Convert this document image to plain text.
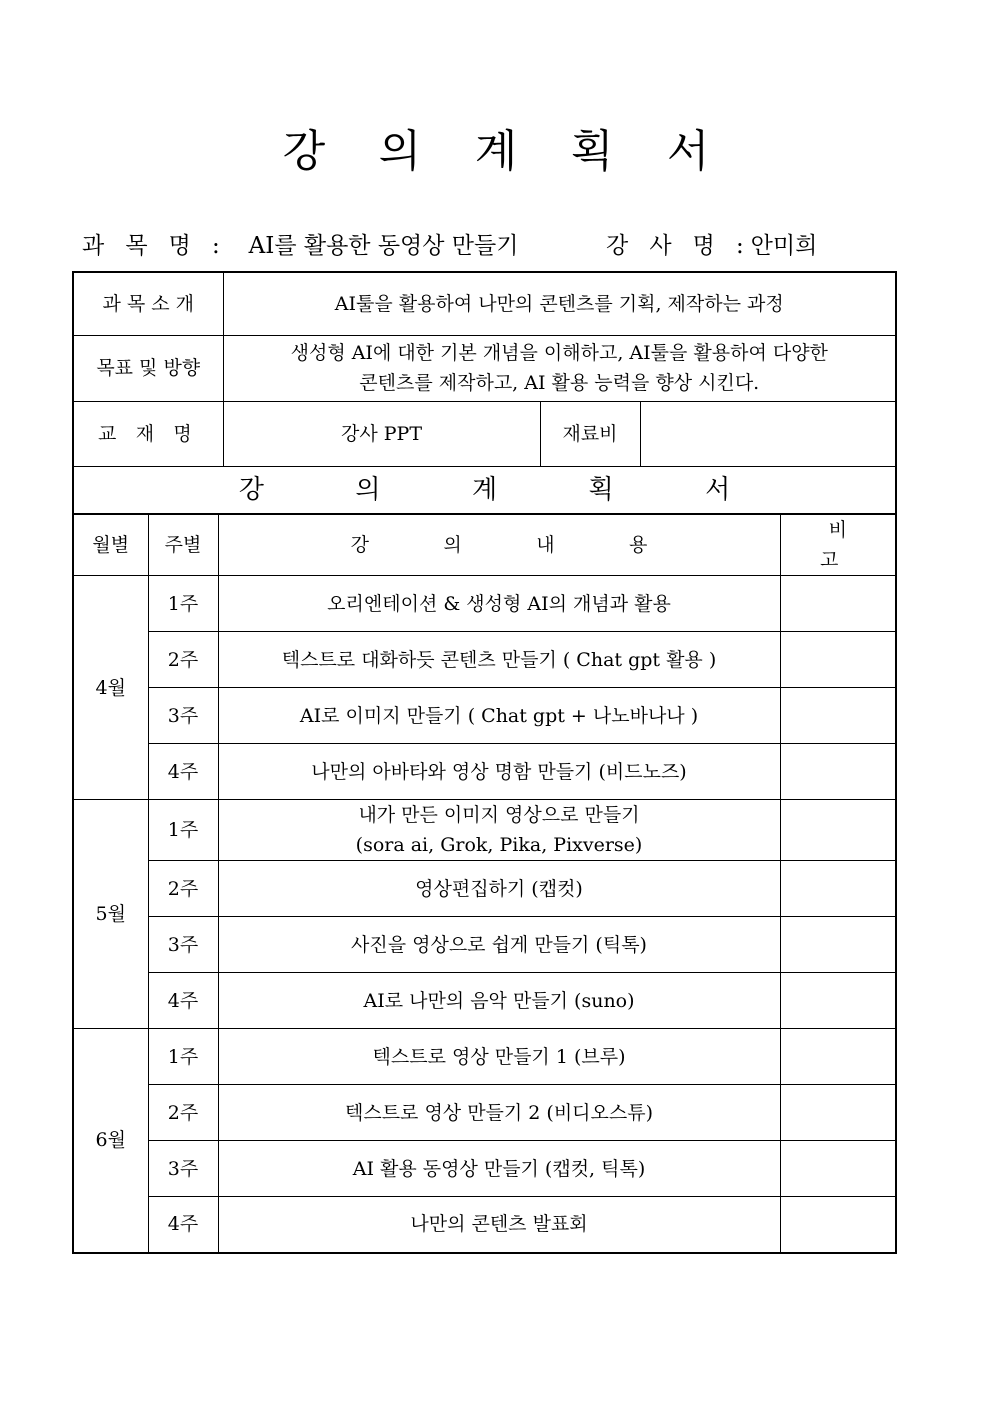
강 의 계 획 서
과 목 명 : AI를 활용한 동영상 만들기	강 사 명 :안미희
과 목 소 개	AI툴을 활용하여 나만의 콘텐츠를 기획, 제작하는 과정		
목표 및 방향	생성형 AI에 대한 기본 개념을 이해하고, AI툴을 활용하여 다양한
콘텐츠를 제작하고, AI 활용 능력을 향상 시킨다.		

교 재 명	강사 PPT	재료비	
강 의 계 획 서			
월별	주별	강 의 내 용	비 고
4월	1주	오리엔테이션 & 생성형 AI의 개념과 활용	

	2주	텍스트로 대화하듯 콘텐츠 만들기 ( Chat gpt 활용 )	

	3주	AI로 이미지 만들기 ( Chat gpt + 나노바나나 )	

	4주	나만의 아바타와 영상 명함 만들기 (비드노즈)	

5월	1주	내가 만든 이미지 영상으로 만들기
(sora ai, Grok, Pika, Pixverse)	

	2주	영상편집하기 (캡컷)	

	3주	사진을 영상으로 쉽게 만들기 (틱톡)	

	4주	AI로 나만의 음악 만들기 (suno)	

6월	1주	텍스트로 영상 만들기 1 (브루)	

	2주	텍스트로 영상 만들기 2 (비디오스튜)	

	3주	AI 활용 동영상 만들기 (캡컷, 틱톡)	

	4주	나만의 콘텐츠 발표회	
